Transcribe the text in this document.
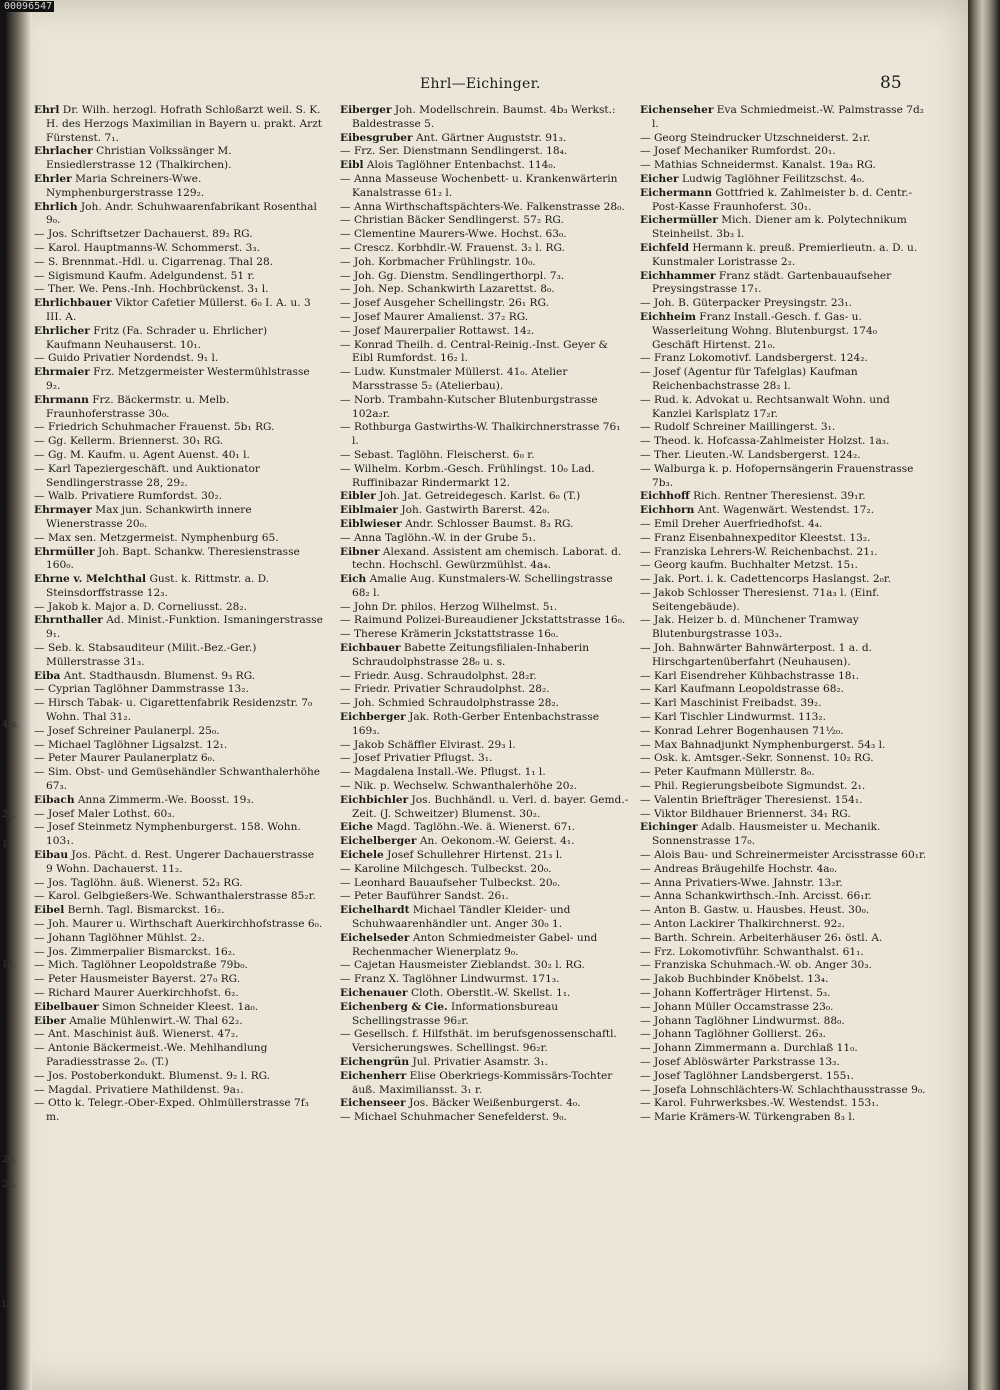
00096547
4m.
21.
1.
14.
20.
24.
L.
Ehrl—Eichinger.	85

Ehrl Dr. Wilh. herzogl. Hofrath Schloßarzt weil. S. K. H. des Herzogs Maximilian in Bayern u. prakt. Arzt Fürstenst. 7₁.

Ehrlacher Christian Volkssänger M. Ensiedlerstrasse 12 (Thalkirchen).

Ehrler Maria Schreiners-Wwe. Nymphenburgerstrasse 129₂.

Ehrlich Joh. Andr. Schuhwaarenfabrikant Rosenthal 9₀.

— Jos. Schriftsetzer Dachauerst. 89₂ RG.

— Karol. Hauptmanns-W. Schommerst. 3₃.

— S. Brennmat.-Hdl. u. Cigarrenag. Thal 28.

— Sigismund Kaufm. Adelgundenst. 51 r.

— Ther. We. Pens.-Inh. Hochbrückenst. 3₁ l.

Ehrlichbauer Viktor Cafetier Müllerst. 6₀ I. A. u. 3 III. A.

Ehrlicher Fritz (Fa. Schrader u. Ehrlicher) Kaufmann Neuhauserst. 10₁.

— Guido Privatier Nordendst. 9₁ l.

Ehrmaier Frz. Metzgermeister Westermühlstrasse 9₂.

Ehrmann Frz. Bäckermstr. u. Melb. Fraunhoferstrasse 30₀.

— Friedrich Schuhmacher Frauenst. 5b₁ RG.

— Gg. Kellerm. Briennerst. 30₁ RG.

— Gg. M. Kaufm. u. Agent Auenst. 40₁ l.

— Karl Tapeziergeschäft. und Auktionator Sendlingerstrasse 28, 29₂.

— Walb. Privatiere Rumfordst. 30₂.

Ehrmayer Max jun. Schankwirth innere Wienerstrasse 20₀.

— Max sen. Metzgermeist. Nymphenburg 65.

Ehrmüller Joh. Bapt. Schankw. Theresienstrasse 160₀.

Ehrne v. Melchthal Gust. k. Rittmstr. a. D. Steinsdorffstrasse 12₃.

— Jakob k. Major a. D. Corneliusst. 28₂.

Ehrnthaller Ad. Minist.-Funktion. Ismaningerstrasse 9₁.

— Seb. k. Stabsauditeur (Milit.-Bez.-Ger.) Müllerstrasse 31₃.

Eiba Ant. Stadthausdn. Blumenst. 9₃ RG.

— Cyprian Taglöhner Dammstrasse 13₂.

— Hirsch Tabak- u. Cigarettenfabrik Residenzstr. 7₀ Wohn. Thal 31₂.

— Josef Schreiner Paulanerpl. 25₀.

— Michael Taglöhner Ligsalzst. 12₁.

— Peter Maurer Paulanerplatz 6₀.

— Sim. Obst- und Gemüsehändler Schwanthalerhöhe 67₃.

Eibach Anna Zimmerm.-We. Boosst. 19₃.

— Josef Maler Lothst. 60₃.

— Josef Steinmetz Nymphenburgerst. 158. Wohn. 103₁.

Eibau Jos. Pächt. d. Rest. Ungerer Dachauerstrasse 9 Wohn. Dachauerst. 11₂.

— Jos. Taglöhn. äuß. Wienerst. 52₃ RG.

— Karol. Gelbgießers-We. Schwanthalerstrasse 85₂r.

Eibel Bernh. Tagl. Bismarckst. 16₂.

— Joh. Maurer u. Wirthschaft Auerkirchhofstrasse 6₀.

— Johann Taglöhner Mühlst. 2₂.

— Jos. Zimmerpalier Bismarckst. 16₂.

— Mich. Taglöhner Leopoldstraße 79b₀.

— Peter Hausmeister Bayerst. 27₀ RG.

— Richard Maurer Auerkirchhofst. 6₂.

Eibelbauer Simon Schneider Kleest. 1a₀.

Eiber Amalie Mühlenwirt.-W. Thal 62₂.

— Ant. Maschinist äuß. Wienerst. 47₂.

— Antonie Bäckermeist.-We. Mehlhandlung Paradiesstrasse 2₀. (T.)

— Jos. Postoberkondukt. Blumenst. 9₂ l. RG.

— Magdal. Privatiere Mathildenst. 9a₁.

— Otto k. Telegr.-Ober-Exped. Ohlmüllerstrasse 7f₃ m.

Eiberger Joh. Modellschrein. Baumst. 4b₃ Werkst.: Baldestrasse 5.

Eibesgruber Ant. Gärtner Auguststr. 91₃.

— Frz. Ser. Dienstmann Sendlingerst. 18₄.

Eibl Alois Taglöhner Entenbachst. 114₀.

— Anna Masseuse Wochenbett- u. Krankenwärterin Kanalstrasse 61₂ l.

— Anna Wirthschaftspächters-We. Falkenstrasse 28₀.

— Christian Bäcker Sendlingerst. 57₂ RG.

— Clementine Maurers-Wwe. Hochst. 63₀.

— Crescz. Korbhdlr.-W. Frauenst. 3₂ l. RG.

— Joh. Korbmacher Frühlingstr. 10₀.

— Joh. Gg. Dienstm. Sendlingerthorpl. 7₃.

— Joh. Nep. Schankwirth Lazarettst. 8₀.

— Josef Ausgeher Schellingstr. 26₁ RG.

— Josef Maurer Amalienst. 37₂ RG.

— Josef Maurerpalier Rottawst. 14₂.

— Konrad Theilh. d. Central-Reinig.-Inst. Geyer & Eibl Rumfordst. 16₂ l.

— Ludw. Kunstmaler Müllerst. 41₀. Atelier Marsstrasse 5₂ (Atelierbau).

— Norb. Trambahn-Kutscher Blutenburgstrasse 102a₂r.

— Rothburga Gastwirths-W. Thalkirchnerstrasse 76₁ l.

— Sebast. Taglöhn. Fleischerst. 6₀ r.

— Wilhelm. Korbm.-Gesch. Frühlingst. 10₀ Lad. Ruffinibazar Rindermarkt 12.

Eibler Joh. Jat. Getreidegesch. Karlst. 6₀ (T.)

Eiblmaier Joh. Gastwirth Barerst. 42₀.

Eiblwieser Andr. Schlosser Baumst. 8₃ RG.

— Anna Taglöhn.-W. in der Grube 5₁.

Eibner Alexand. Assistent am chemisch. Laborat. d. techn. Hochschl. Gewürzmühlst. 4a₄.

Eich Amalie Aug. Kunstmalers-W. Schellingstrasse 68₂ l.

— John Dr. philos. Herzog Wilhelmst. 5₁.

— Raimund Polizei-Bureaudiener Jckstattstrasse 16₀.

— Therese Krämerin Jckstattstrasse 16₀.

Eichbauer Babette Zeitungsfilialen-Inhaberin Schraudolphstrasse 28₀ u. s.

— Friedr. Ausg. Schraudolphst. 28₂r.

— Friedr. Privatier Schraudolphst. 28₂.

— Joh. Schmied Schraudolphstrasse 28₂.

Eichberger Jak. Roth-Gerber Entenbachstrasse 169₃.

— Jakob Schäffler Elvirast. 29₃ l.

— Josef Privatier Pflugst. 3₁.

— Magdalena Install.-We. Pflugst. 1₁ l.

— Nik. p. Wechselw. Schwanthalerhöhe 20₂.

Eichbichler Jos. Buchhändl. u. Verl. d. bayer. Gemd.-Zeit. (J. Schweitzer) Blumenst. 30₂.

Eiche Magd. Taglöhn.-We. ä. Wienerst. 67₁.

Eichelberger An. Oekonom.-W. Geierst. 4₁.

Eichele Josef Schullehrer Hirtenst. 21₃ l.

— Karoline Milchgesch. Tulbeckst. 20₀.

— Leonhard Bauaufseher Tulbeckst. 20₀.

— Peter Bauführer Sandst. 26₁.

Eichelhardt Michael Tändler Kleider- und Schuhwaarenhändler unt. Anger 30₀ 1.

Eichelseder Anton Schmiedmeister Gabel- und Rechenmacher Wienerplatz 9₀.

— Cajetan Hausmeister Zieblandst. 30₂ l. RG.

— Franz X. Taglöhner Lindwurmst. 171₃.

Eichenauer Cloth. Oberstlt.-W. Skellst. 1₁.

Eichenberg & Cie. Informationsbureau Schellingstrasse 96₂r.

— Gesellsch. f. Hilfsthät. im berufsgenossenschaftl. Versicherungswes. Schellingst. 96₂r.

Eichengrün Jul. Privatier Asamstr. 3₁.

Eichenherr Elise Oberkriegs-Kommissärs-Tochter äuß. Maximiliansst. 3₁ r.

Eichenseer Jos. Bäcker Weißenburgerst. 4₀.

— Michael Schuhmacher Senefelderst. 9₀.

Eichenseher Eva Schmiedmeist.-W. Palmstrasse 7d₂ l.

— Georg Steindrucker Utzschneiderst. 2₁r.

— Josef Mechaniker Rumfordst. 20₁.

— Mathias Schneidermst. Kanalst. 19a₃ RG.

Eicher Ludwig Taglöhner Feilitzschst. 4₀.

Eichermann Gottfried k. Zahlmeister b. d. Centr.-Post-Kasse Fraunhoferst. 30₁.

Eichermüller Mich. Diener am k. Polytechnikum Steinheilst. 3b₃ l.

Eichfeld Hermann k. preuß. Premierlieutn. a. D. u. Kunstmaler Loristrasse 2₂.

Eichhammer Franz städt. Gartenbauaufseher Preysingstrasse 17₁.

— Joh. B. Güterpacker Preysingstr. 23₁.

Eichheim Franz Install.-Gesch. f. Gas- u. Wasserleitung Wohng. Blutenburgst. 174₀ Geschäft Hirtenst. 21₀.

— Franz Lokomotivf. Landsbergerst. 124₂.

— Josef (Agentur für Tafelglas) Kaufman Reichenbachstrasse 28₂ l.

— Rud. k. Advokat u. Rechtsanwalt Wohn. und Kanzlei Karlsplatz 17₂r.

— Rudolf Schreiner Maillingerst. 3₁.

— Theod. k. Hofcassa-Zahlmeister Holzst. 1a₃.

— Ther. Lieuten.-W. Landsbergerst. 124₂.

— Walburga k. p. Hofopernsängerin Frauenstrasse 7b₃.

Eichhoff Rich. Rentner Theresienst. 39₁r.

Eichhorn Ant. Wagenwärt. Westendst. 17₂.

— Emil Dreher Auerfriedhofst. 4₄.

— Franz Eisenbahnexpeditor Kleestst. 13₂.

— Franziska Lehrers-W. Reichenbachst. 21₁.

— Georg kaufm. Buchhalter Metzst. 15₁.

— Jak. Port. i. k. Cadettencorps Haslangst. 2₀r.

— Jakob Schlosser Theresienst. 71a₃ l. (Einf. Seitengebäude).

— Jak. Heizer b. d. Münchener Tramway Blutenburgstrasse 103₃.

— Joh. Bahnwärter Bahnwärterpost. 1 a. d. Hirschgartenüberfahrt (Neuhausen).

— Karl Eisendreher Kühbachstrasse 18₁.

— Karl Kaufmann Leopoldstrasse 68₂.

— Karl Maschinist Freibadst. 39₂.

— Karl Tischler Lindwurmst. 113₂.

— Konrad Lehrer Bogenhausen 71½₀.

— Max Bahnadjunkt Nymphenburgerst. 54₃ l.

— Osk. k. Amtsger.-Sekr. Sonnenst. 10₂ RG.

— Peter Kaufmann Müllerstr. 8₀.

— Phil. Regierungsbeibote Sigmundst. 2₁.

— Valentin Briefträger Theresienst. 154₁.

— Viktor Bildhauer Briennerst. 34₁ RG.

Eichinger Adalb. Hausmeister u. Mechanik. Sonnenstrasse 17₀.

— Alois Bau- und Schreinermeister Arcisstrasse 60₁r.

— Andreas Bräugehilfe Hochstr. 4a₀.

— Anna Privatiers-Wwe. Jahnstr. 13₂r.

— Anna Schankwirthsch.-Inh. Arcisst. 66₁r.

— Anton B. Gastw. u. Hausbes. Heust. 30₀.

— Anton Lackirer Thalkirchnerst. 92₂.

— Barth. Schrein. Arbeiterhäuser 26₁ östl. A.

— Frz. Lokomotivführ. Schwanthalst. 61₁.

— Franziska Schuhmach.-W. ob. Anger 30₃.

— Jakob Buchbinder Knöbelst. 13₄.

— Johann Kofferträger Hirtenst. 5₃.

— Johann Müller Occamstrasse 23₀.

— Johann Taglöhner Lindwurmst. 88₀.

— Johann Taglöhner Gollierst. 26₃.

— Johann Zimmermann a. Durchlaß 11₀.

— Josef Ablöswärter Parkstrasse 13₃.

— Josef Taglöhner Landsbergerst. 155₁.

— Josefa Lohnschlächters-W. Schlachthausstrasse 9₀.

— Karol. Fuhrwerksbes.-W. Westendst. 153₁.

— Marie Krämers-W. Türkengraben 8₃ l.
